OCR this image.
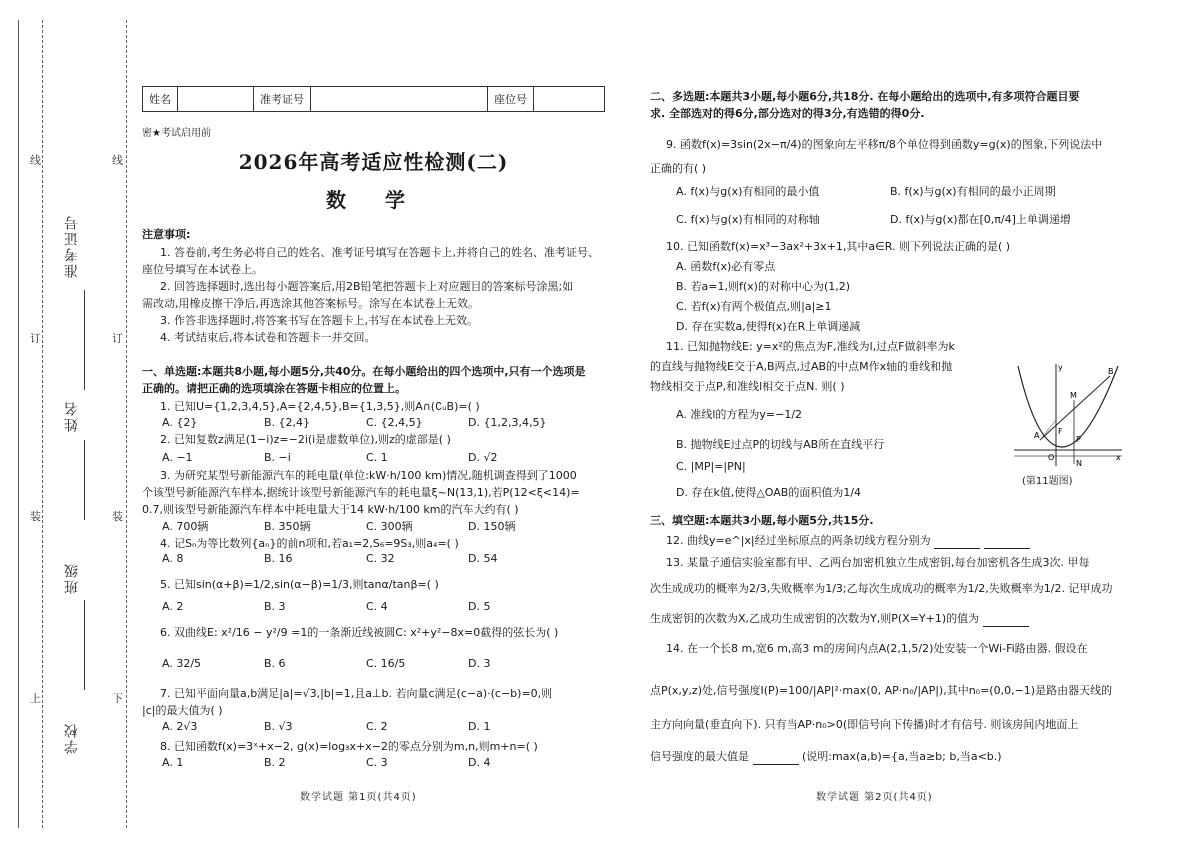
准考证号
姓名
班级
学校
线	线
订	订
装	装
上	下
姓名	准考证号	座位号
密★考试启用前
2026年高考适应性检测(二)
数 学
注意事项:
1. 答卷前,考生务必将自己的姓名、准考证号填写在答题卡上,并将自己的姓名、准考证号、
座位号填写在本试卷上。
2. 回答选择题时,选出每小题答案后,用2B铅笔把答题卡上对应题目的答案标号涂黑;如
需改动,用橡皮擦干净后,再选涂其他答案标号。涂写在本试卷上无效。
3. 作答非选择题时,将答案书写在答题卡上,书写在本试卷上无效。
4. 考试结束后,将本试卷和答题卡一并交回。
一、单选题:本题共8小题,每小题5分,共40分。在每小题给出的四个选项中,只有一个选项是
正确的。请把正确的选项填涂在答题卡相应的位置上。
1. 已知U={1,2,3,4,5},A={2,4,5},B={1,3,5},则A∩(∁ᵤB)=( )
A. {2}	B. {2,4}	C. {2,4,5}	D. {1,2,3,4,5}
2. 已知复数z满足(1−i)z=−2i(i是虚数单位),则z的虚部是( )
A. −1	B. −i	C. 1	D. √2
3. 为研究某型号新能源汽车的耗电量(单位:kW·h/100 km)情况,随机调查得到了1000
个该型号新能源汽车样本,据统计该型号新能源汽车的耗电量ξ~N(13,1),若P(12<ξ<14)=
0.7,则该型号新能源汽车样本中耗电量大于14 kW·h/100 km的汽车大约有( )
A. 700辆	B. 350辆	C. 300辆	D. 150辆
4. 记Sₙ为等比数列{aₙ}的前n项和,若a₁=2,S₆=9S₃,则a₄=( )
A. 8	B. 16	C. 32	D. 54
5. 已知sin(α+β)=1/2,sin(α−β)=1/3,则tanα/tanβ=( )
A. 2	B. 3	C. 4	D. 5
6. 双曲线E: x²/16 − y²/9 =1的一条渐近线被圆C: x²+y²−8x=0截得的弦长为( )
A. 32/5	B. 6	C. 16/5	D. 3
7. 已知平面向量a,b满足|a|=√3,|b|=1,且a⊥b. 若向量c满足(c−a)·(c−b)=0,则
|c|的最大值为( )
A. 2√3	B. √3	C. 2	D. 1
8. 已知函数f(x)=3ˣ+x−2, g(x)=log₃x+x−2的零点分别为m,n,则m+n=( )
A. 1	B. 2	C. 3	D. 4
数学试题 第1页(共4页)
二、多选题:本题共3小题,每小题6分,共18分. 在每小题给出的选项中,有多项符合题目要
求. 全部选对的得6分,部分选对的得3分,有选错的得0分.
9. 函数f(x)=3sin(2x−π/4)的图象向左平移π/8个单位得到函数y=g(x)的图象,下列说法中
正确的有( )
A. f(x)与g(x)有相同的最小值	B. f(x)与g(x)有相同的最小正周期
C. f(x)与g(x)有相同的对称轴	D. f(x)与g(x)都在[0,π/4]上单调递增
10. 已知函数f(x)=x³−3ax²+3x+1,其中a∈R. 则下列说法正确的是( )
A. 函数f(x)必有零点
B. 若a=1,则f(x)的对称中心为(1,2)
C. 若f(x)有两个极值点,则|a|≥1
D. 存在实数a,使得f(x)在R上单调递减
11. 已知抛物线E: y=x²的焦点为F,准线为l,过点F做斜率为k
的直线与抛物线E交于A,B两点,过AB的中点M作x轴的垂线和抛
物线相交于点P,和准线l相交于点N. 则( )
A. 准线l的方程为y=−1/2
B. 抛物线E过点P的切线与AB所在直线平行
C. |MP|=|PN|
D. 存在k值,使得△OAB的面积值为1/4
B
M
A F
P
O
N
y
x
(第11题图)
三、填空题:本题共3小题,每小题5分,共15分.
12. 曲线y=e^|x|经过坐标原点的两条切线方程分别为
13. 某量子通信实验室都有甲、乙两台加密机独立生成密钥,每台加密机各生成3次. 甲每
次生成成功的概率为2/3,失败概率为1/3;乙每次生成成功的概率为1/2,失败概率为1/2. 记甲成功
生成密钥的次数为X,乙成功生成密钥的次数为Y,则P(X=Y+1)的值为
14. 在一个长8 m,宽6 m,高3 m的房间内点A(2,1,5/2)处安装一个Wi-Fi路由器. 假设在
点P(x,y,z)处,信号强度I(P)=100/|AP|²·max(0, AP·n₀/|AP|),其中n₀=(0,0,−1)是路由器天线的
主方向向量(垂直向下). 只有当AP·n₀>0(即信号向下传播)时才有信号. 则该房间内地面上
信号强度的最大值是	(说明:max(a,b)={a,当a≥b; b,当a<b.)
数学试题 第2页(共4页)
